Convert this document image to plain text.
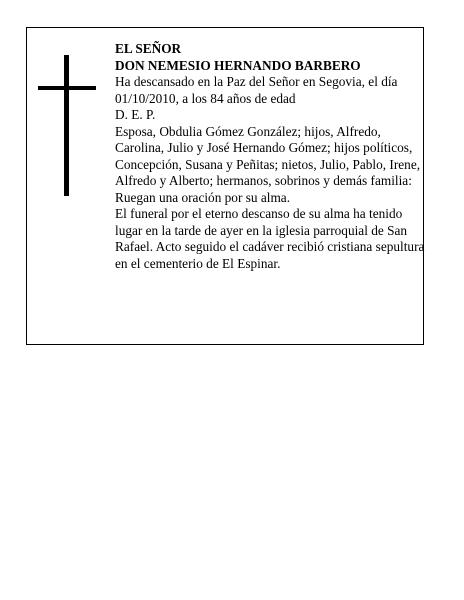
EL SEÑOR

DON NEMESIO HERNANDO BARBERO

Ha descansado en la Paz del Señor en Segovia, el día 01/10/2010, a los 84 años de edad

D. E. P.

Esposa, Obdulia Gómez González; hijos, Alfredo, Carolina, Julio y José Hernando Gómez; hijos políticos, Concepción, Susana y Peñitas; nietos, Julio, Pablo, Irene, Alfredo y Alberto; hermanos, sobrinos y demás familia:

Ruegan una oración por su alma.

El funeral por el eterno descanso de su alma ha tenido lugar en la tarde de ayer en la iglesia parroquial de San Rafael. Acto seguido el cadáver recibió cristiana sepultura en el cementerio de El Espinar.
